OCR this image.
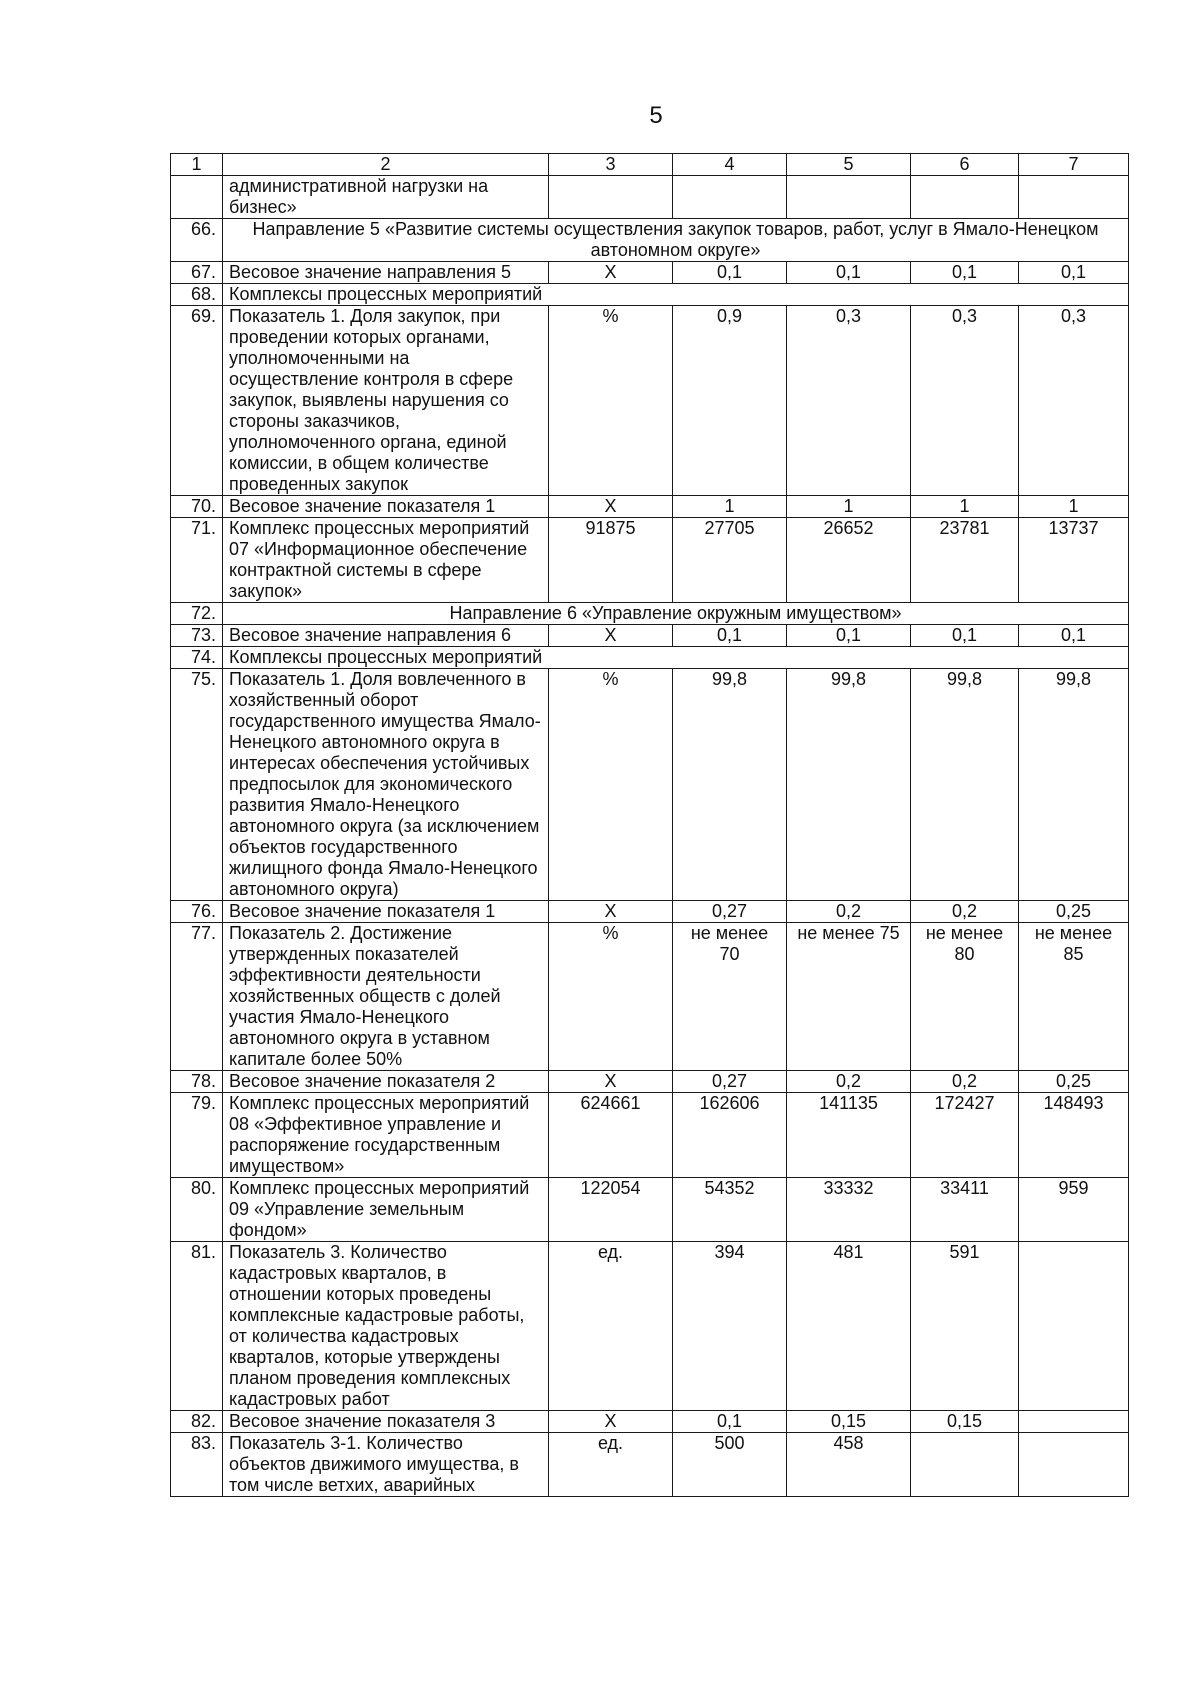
5
1	2	3	4	5	6	7
	административной нагрузки на бизнес»					
66.	Направление 5 «Развитие системы осуществления закупок товаров, работ, услуг в Ямало-Ненецком автономном округе»					
67.	Весовое значение направления 5	X	0,1	0,1	0,1	0,1
68.	Комплексы процессных мероприятий					
69.	Показатель 1. Доля закупок, при проведении которых органами, уполномоченными на осуществление контроля в сфере закупок, выявлены нарушения со стороны заказчиков, уполномоченного органа, единой комиссии, в общем количестве проведенных закупок	%	0,9	0,3	0,3	0,3
70.	Весовое значение показателя 1	X	1	1	1	1
71.	Комплекс процессных мероприятий 07 «Информационное обеспечение контрактной системы в сфере закупок»	91875	27705	26652	23781	13737
72.	Направление 6 «Управление окружным имуществом»					
73.	Весовое значение направления 6	X	0,1	0,1	0,1	0,1
74.	Комплексы процессных мероприятий					
75.	Показатель 1. Доля вовлеченного в хозяйственный оборот государственного имущества Ямало-Ненецкого автономного округа в интересах обеспечения устойчивых предпосылок для экономического развития Ямало-Ненецкого автономного округа (за исключением объектов государственного жилищного фонда Ямало-Ненецкого автономного округа)	%	99,8	99,8	99,8	99,8
76.	Весовое значение показателя 1	X	0,27	0,2	0,2	0,25
77.	Показатель 2. Достижение утвержденных показателей эффективности деятельности хозяйственных обществ с долей участия Ямало-Ненецкого автономного округа в уставном капитале более 50%	%	не менее 70	не менее 75	не менее 80	не менее 85
78.	Весовое значение показателя 2	X	0,27	0,2	0,2	0,25
79.	Комплекс процессных мероприятий 08 «Эффективное управление и распоряжение государственным имуществом»	624661	162606	141135	172427	148493
80.	Комплекс процессных мероприятий 09 «Управление земельным фондом»	122054	54352	33332	33411	959
81.	Показатель 3. Количество кадастровых кварталов, в отношении которых проведены комплексные кадастровые работы, от количества кадастровых кварталов, которые утверждены планом проведения комплексных кадастровых работ	ед.	394	481	591	
82.	Весовое значение показателя 3	X	0,1	0,15	0,15	
83.	Показатель 3-1. Количество объектов движимого имущества, в том числе ветхих, аварийных	ед.	500	458		
